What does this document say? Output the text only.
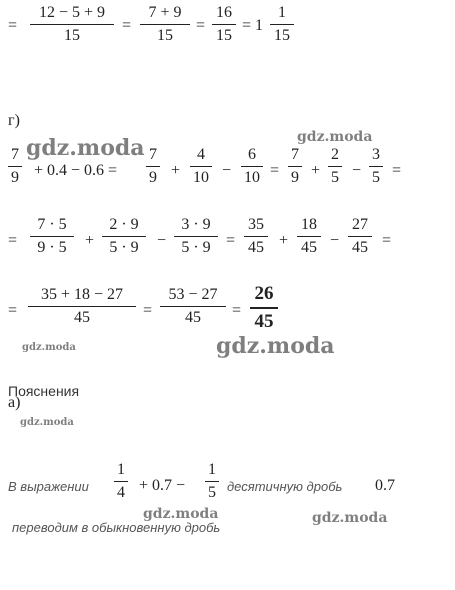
=
12 − 5 + 9
15
=
7 + 9
15
=
16
15
= 1
1
15
г)
7
9 + 0.4 − 0.6 =
7
9 +
4
10 −
6
10 =
7
9 +
2
5 −
3
5 =
=
7 · 5
9 · 5	+
2 · 9
5 · 9	−
3 · 9
5 · 9 =
35
45 +
18
45 −
27
45 =
=
35 + 18 − 27
45	=
53 − 27
45	=
26
45
Пояснения
а)
В выражении
1
4 + 0.7 −
1
5 десятичную дробь 0.7
переводим в обыкновенную дробь
gdz.moda	gdz.moda
gdz.moda	gdz.moda
gdz.moda
gdz.moda	gdz.moda
